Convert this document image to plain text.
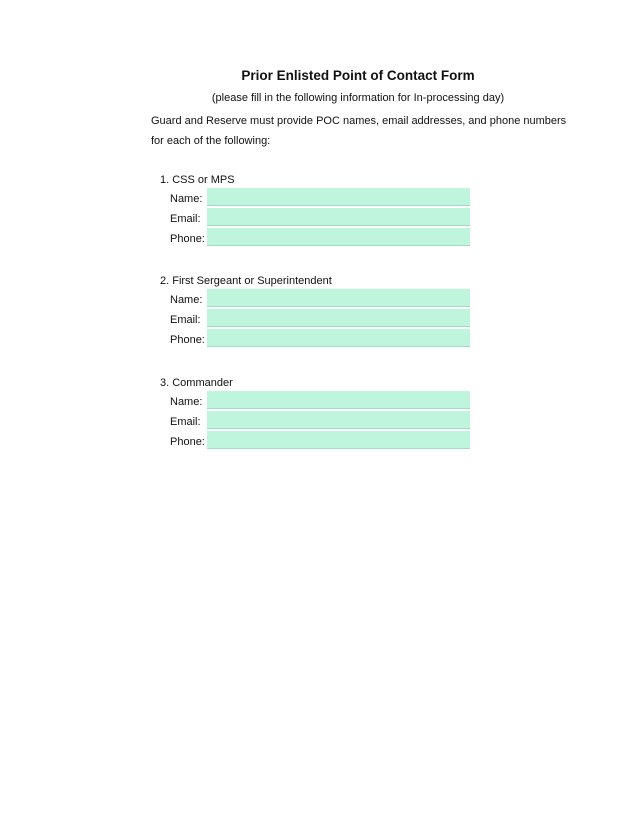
Prior Enlisted Point of Contact Form
(please fill in the following information for In-processing day)
Guard and Reserve must provide POC names, email addresses, and phone numbers
for each of the following:
1. CSS or MPS
Name:
Email:
Phone:
2. First Sergeant or Superintendent
Name:
Email:
Phone:
3. Commander
Name:
Email:
Phone:
